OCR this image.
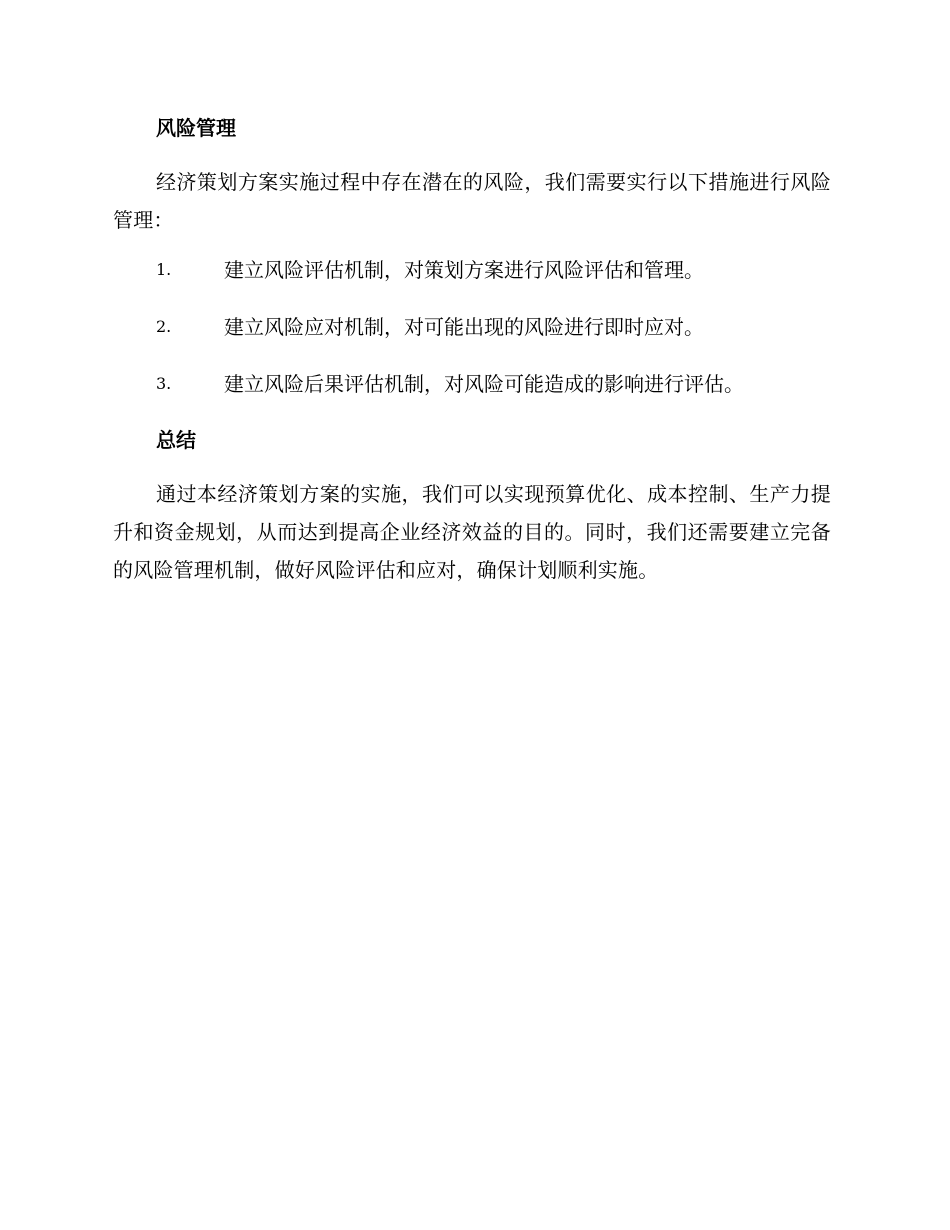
风险管理

经济策划方案实施过程中存在潜在的风险，我们需要实行以下措施进行风险管理：

1.	建立风险评估机制，对策划方案进行风险评估和管理。
2.	建立风险应对机制，对可能出现的风险进行即时应对。
3.	建立风险后果评估机制，对风险可能造成的影响进行评估。
总结

通过本经济策划方案的实施，我们可以实现预算优化、成本控制、生产力提升和资金规划，从而达到提高企业经济效益的目的。同时，我们还需要建立完备的风险管理机制，做好风险评估和应对，确保计划顺利实施。
